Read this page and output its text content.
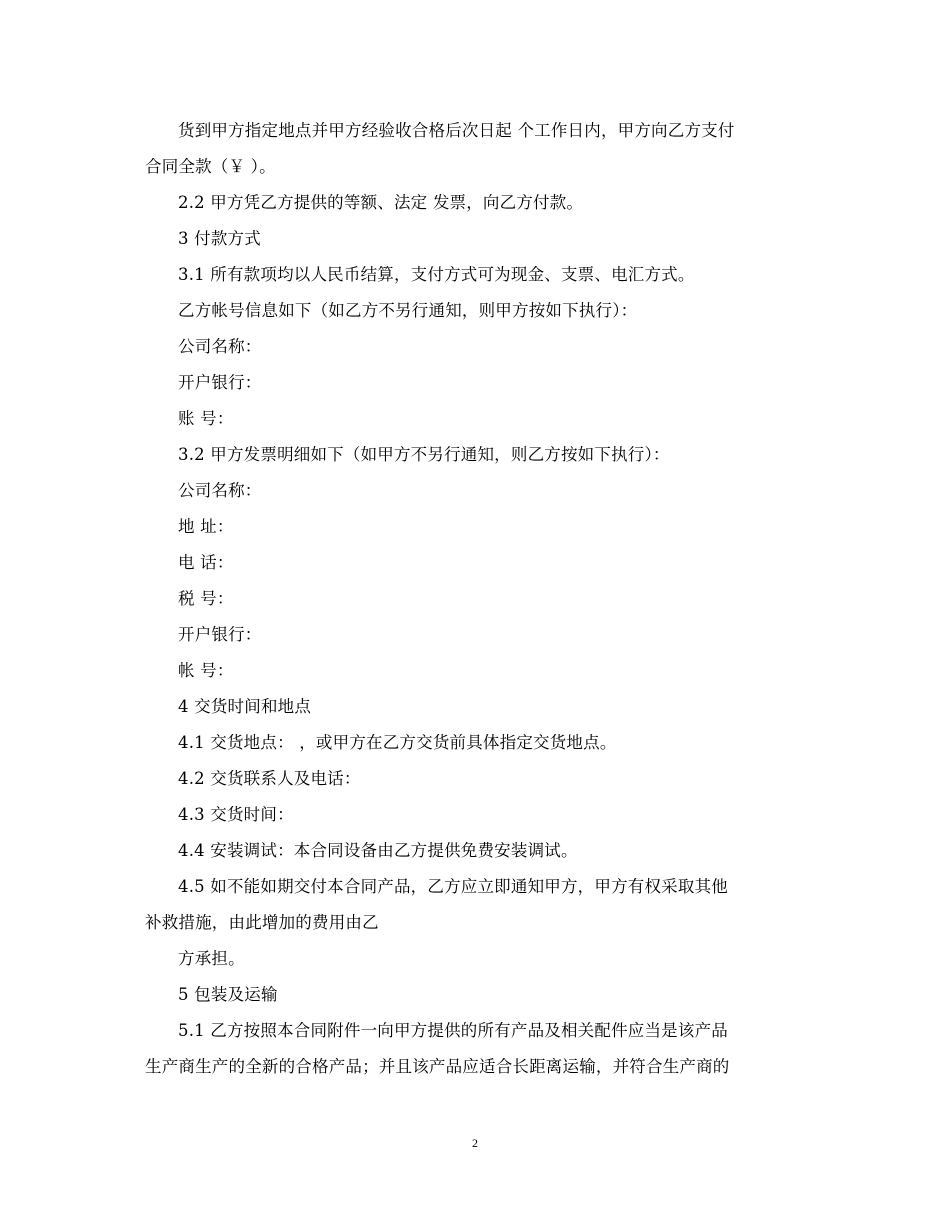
货到甲方指定地点并甲方经验收合格后次日起 个工作日内，甲方向乙方支付
合同全款（￥ ）。
2.2 甲方凭乙方提供的等额、法定 发票，向乙方付款。
3 付款方式
3.1 所有款项均以人民币结算，支付方式可为现金、支票、电汇方式。
乙方帐号信息如下（如乙方不另行通知，则甲方按如下执行）：
公司名称：
开户银行：
账 号：
3.2 甲方发票明细如下（如甲方不另行通知，则乙方按如下执行）：
公司名称：
地 址：
电 话：
税 号：
开户银行：
帐 号：
4 交货时间和地点
4.1 交货地点： ，或甲方在乙方交货前具体指定交货地点。
4.2 交货联系人及电话：
4.3 交货时间：
4.4 安装调试：本合同设备由乙方提供免费安装调试。
4.5 如不能如期交付本合同产品，乙方应立即通知甲方，甲方有权采取其他
补救措施，由此增加的费用由乙
方承担。
5 包装及运输
5.1 乙方按照本合同附件一向甲方提供的所有产品及相关配件应当是该产品
生产商生产的全新的合格产品；并且该产品应适合长距离运输，并符合生产商的
2
